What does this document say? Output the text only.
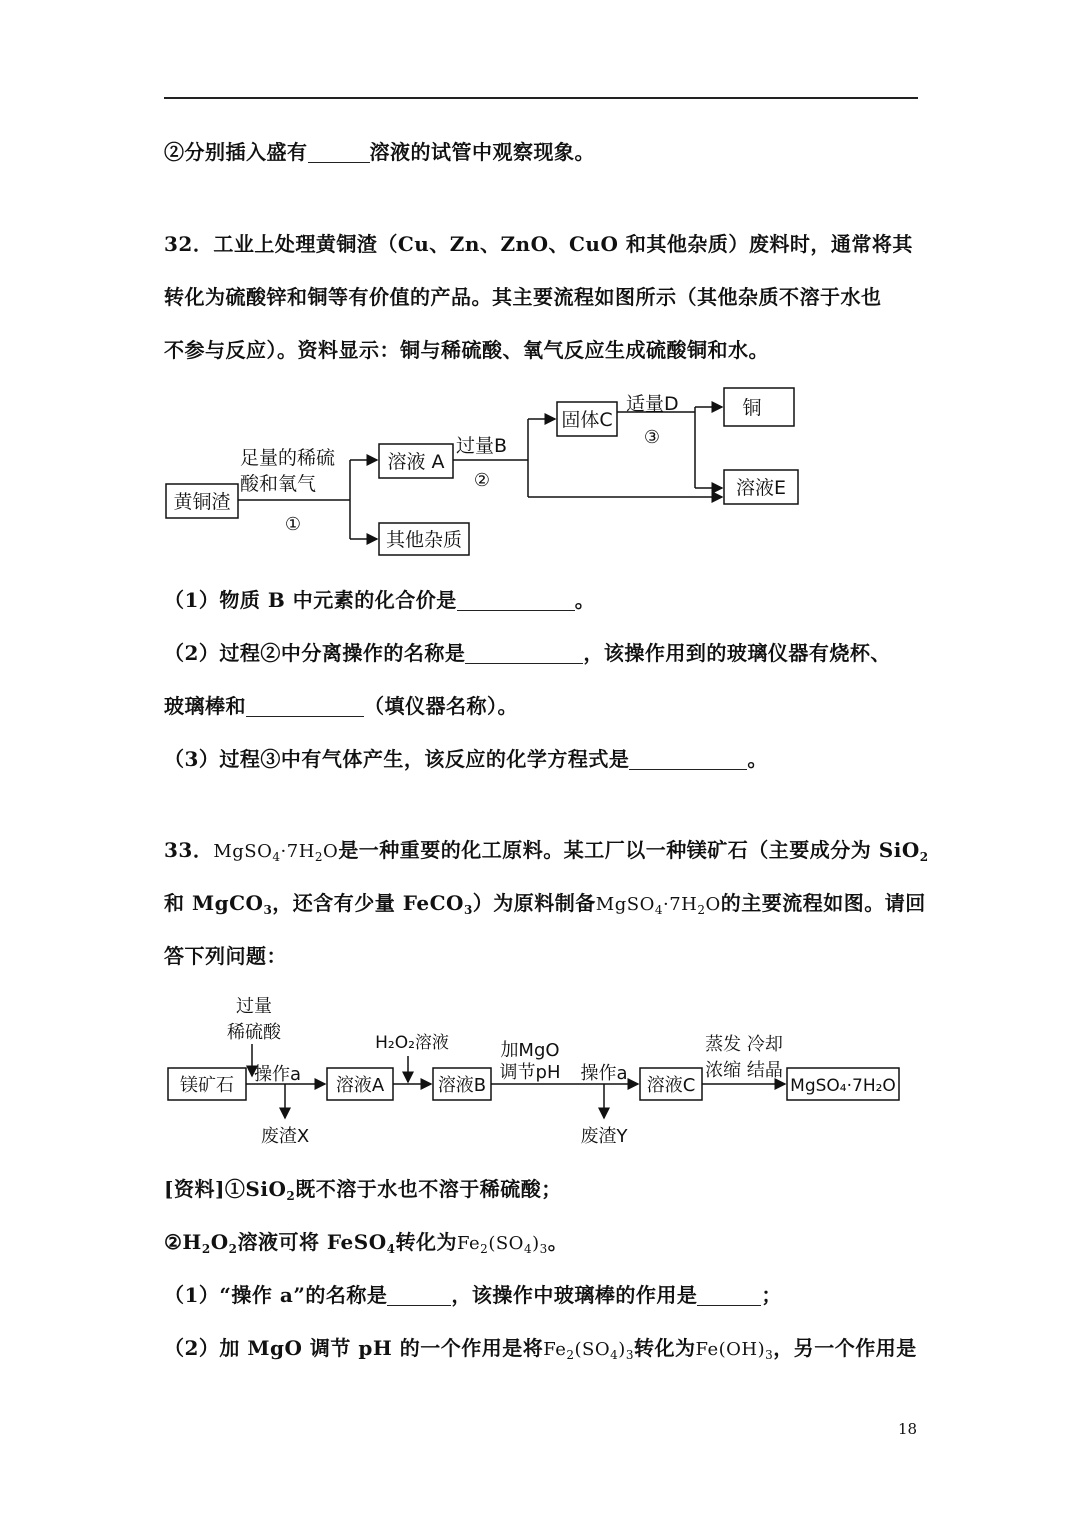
②分别插入盛有	溶液的试管中观察现象。
32．工业上处理黄铜渣（Cu、Zn、ZnO、CuO 和其他杂质）废料时，通常将其
转化为硫酸锌和铜等有价值的产品。其主要流程如图所示（其他杂质不溶于水也
不参与反应）。资料显示：铜与稀硫酸、氧气反应生成硫酸铜和水。
黄铜渣
足量的稀硫
酸和氧气
①
溶液 A
其他杂质
过量B
②
固体C
适量D
③
铜
溶液E
（1）物质 B 中元素的化合价是	。
（2）过程②中分离操作的名称是	，该操作用到的玻璃仪器有烧杯、
玻璃棒和	（填仪器名称）。
（3）过程③中有气体产生，该反应的化学方程式是	。
33．$MgSO_4\cdot 7H_2O$是一种重要的化工原料。某工厂以一种镁矿石（主要成分为 SiO$_2$
和 MgCO$_3$，还含有少量 FeCO$_3$）为原料制备$MgSO_4\cdot 7H_2O$的主要流程如图。请回
答下列问题：
过量
稀硫酸
镁矿石
操作a
废渣X
溶液A
H₂O₂溶液
溶液B
加MgO
调节pH 操作a
废渣Y
溶液C
蒸发 冷却
浓缩 结晶
MgSO₄·7H₂O
[资料]①SiO$_2$既不溶于水也不溶于稀硫酸；
$②H_2O_2$溶液可将 FeSO$_4$转化为$Fe_2(SO_4)_3$。
（1）“操作 a”的名称是	，该操作中玻璃棒的作用是	；
（2）加 MgO 调节 pH 的一个作用是将$Fe_2(SO_4)_3$转化为$Fe(OH)_3$，另一个作用是
18
